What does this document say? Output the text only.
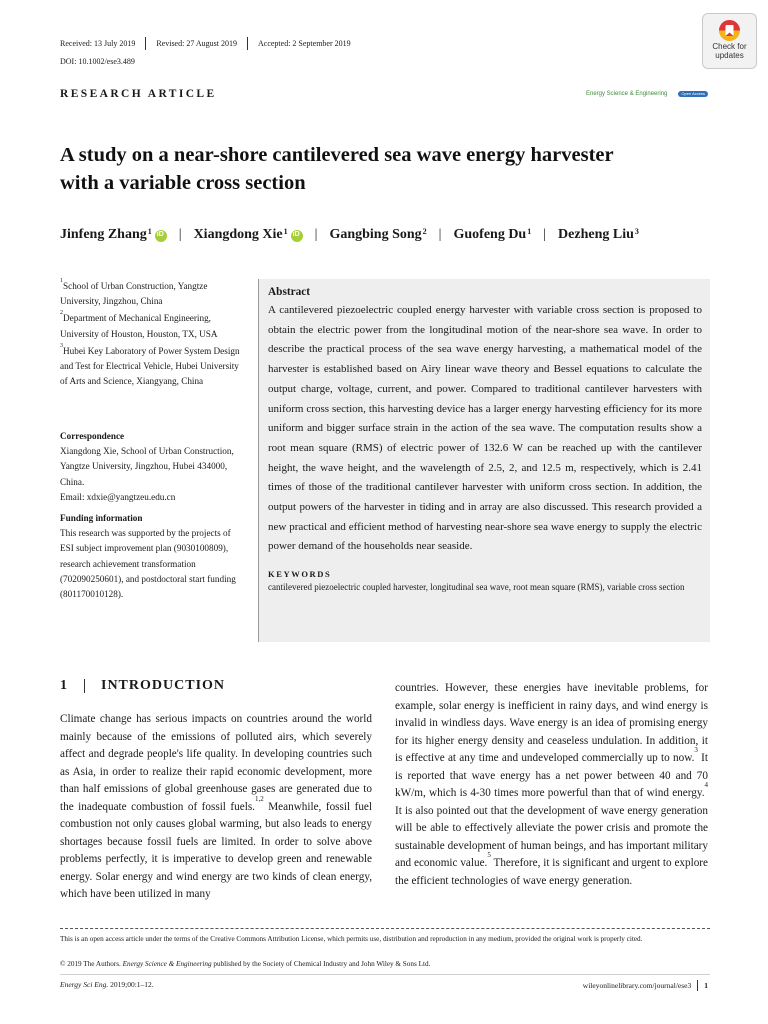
Received: 13 July 2019	Revised: 27 August 2019	Accepted: 2 September 2019
DOI: 10.1002/ese3.489
Check for
updates
Energy Science & Engineering	Open Access
RESEARCH ARTICLE
A study on a near-shore cantilevered sea wave energy harvester
with a variable cross section
Jinfeng Zhang$^1$ iD | Xiangdong Xie$^1$ iD | Gangbing Song$^2$ | Guofeng Du$^1$ | Dezheng Liu$^3$
$^1$School of Urban Construction, Yangtze University, Jingzhou, China
$^2$Department of Mechanical Engineering, University of Houston, Houston, TX, USA
$^3$Hubei Key Laboratory of Power System Design and Test for Electrical Vehicle, Hubei University of Arts and Science, Xiangyang, China
Correspondence
Xiangdong Xie, School of Urban Construction, Yangtze University, Jingzhou, Hubei 434000, China.
Email: xdxie@yangtzeu.edu.cn
Funding information
This research was supported by the projects of ESI subject improvement plan (9030100809), research achievement transformation (702090250601), and postdoctoral start funding (801170010128).
Abstract
A cantilevered piezoelectric coupled energy harvester with variable cross section is proposed to obtain the electric power from the longitudinal motion of the near-shore sea wave. In order to describe the practical process of the sea wave energy harvesting, a mathematical model of the harvester is established based on Airy linear wave theory and Bessel equations to calculate the output charge, voltage, current, and power. Compared to traditional cantilever harvesters with uniform cross section, this harvesting device has a larger energy harvesting efficiency for its more uniform and bigger surface strain in the action of the sea wave. The computation results show a root mean square (RMS) of electric power of 132.6 W can be reached up with the cantilever height, the wave height, and the wavelength of 2.5, 2, and 12.5 m, respectively, which is 2.41 times of those of the traditional cantilever harvester with uniform cross section. In addition, the output powers of the harvester in tiding and in array are also discussed. This research provided a new practical and efficient method of harvesting near-shore sea wave energy to supply the electric power demand of the households near seaside.
KEYWORDS
cantilevered piezoelectric coupled harvester, longitudinal sea wave, root mean square (RMS), variable cross section
1 INTRODUCTION
Climate change has serious impacts on countries around the world mainly because of the emissions of polluted airs, which severely affect and degrade people's life quality. In developing countries such as Asia, in order to realize their rapid economic development, more than half emissions of global greenhouse gases are generated due to the inadequate combustion of fossil fuels.$^{1,2}$ Meanwhile, fossil fuel combustion not only causes global warming, but also leads to energy shortages because fossil fuels are limited. In order to solve above problems perfectly, it is imperative to develop green and renewable energy. Solar energy and wind energy are two kinds of clean energy, which have been utilized in many
countries. However, these energies have inevitable problems, for example, solar energy is inefficient in rainy days, and wind energy is invalid in windless days. Wave energy is an idea of promising energy for its higher energy density and ceaseless undulation. In addition, it is effective at any time and undeveloped commercially up to now.$^3$ It is reported that wave energy has a net power between 40 and 70 kW/m, which is 4-30 times more powerful than that of wind energy.$^4$ It is also pointed out that the development of wave energy generation will be able to effectively alleviate the power crisis and promote the sustainable development of human beings, and has important military and economic value.$^5$ Therefore, it is significant and urgent to explore the efficient technologies of wave energy generation.
This is an open access article under the terms of the Creative Commons Attribution License, which permits use, distribution and reproduction in any medium, provided the original work is properly cited.
© 2019 The Authors. Energy Science & Engineering published by the Society of Chemical Industry and John Wiley & Sons Ltd.
Energy Sci Eng. 2019;00:1–12.	wileyonlinelibrary.com/journal/ese3 1
